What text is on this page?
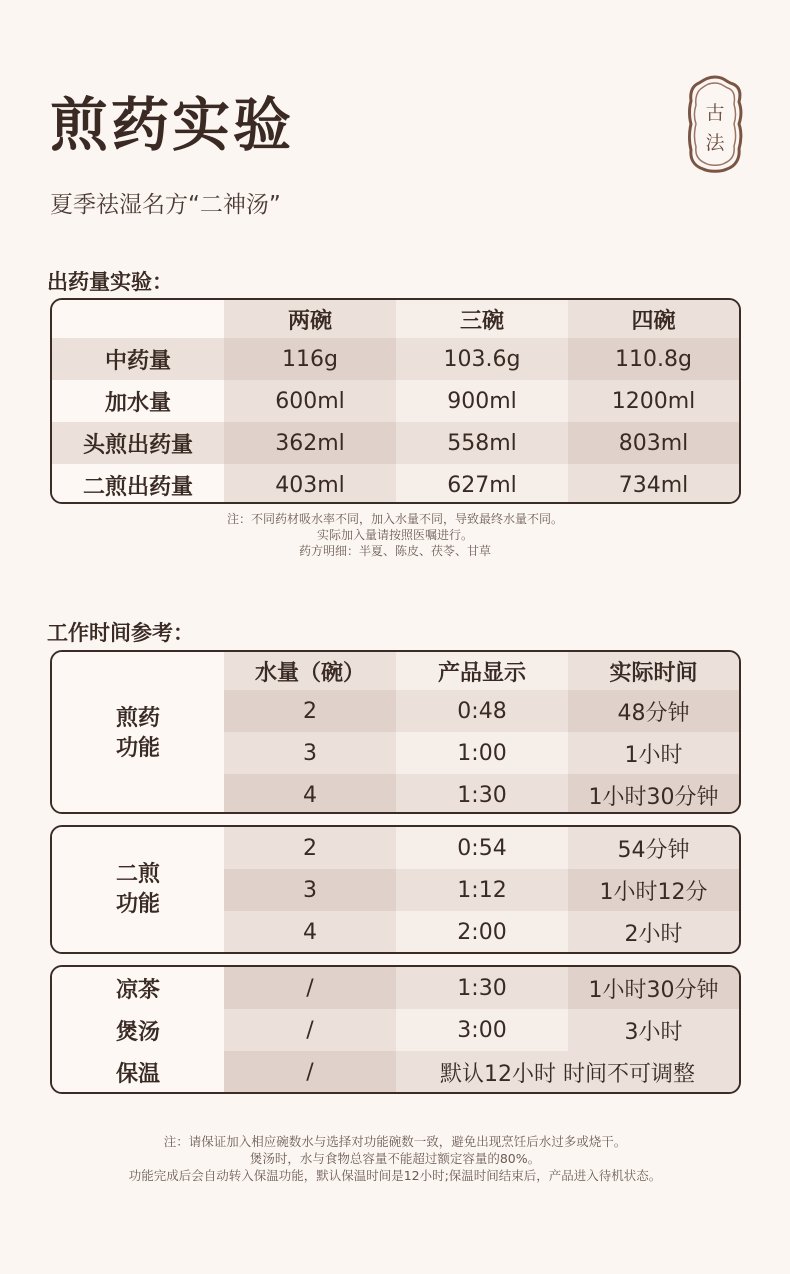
煎药实验
夏季祛湿名方“二神汤”
古
法
出药量实验：
两碗	三碗	四碗
中药量	116g	103.6g	110.8g
加水量	600ml	900ml	1200ml
头煎出药量	362ml	558ml	803ml
二煎出药量	403ml	627ml	734ml
注：不同药材吸水率不同，加入水量不同，导致最终水量不同。
实际加入量请按照医嘱进行。
药方明细：半夏、陈皮、茯苓、甘草
工作时间参考：
煎药
功能
水量（碗）	产品显示	实际时间
2	0:48	48分钟
3	1:00	1小时
4	1:30	1小时30分钟
二煎
功能
2	0:54	54分钟
3	1:12	1小时12分
4	2:00	2小时
凉茶	/	1:30	1小时30分钟
煲汤	/	3:00	3小时
保温	/	默认12小时 时间不可调整
注：请保证加入相应碗数水与选择对功能碗数一致，避免出现烹饪后水过多或烧干。
煲汤时，水与食物总容量不能超过额定容量的80%。
功能完成后会自动转入保温功能，默认保温时间是12小时;保温时间结束后，产品进入待机状态。
